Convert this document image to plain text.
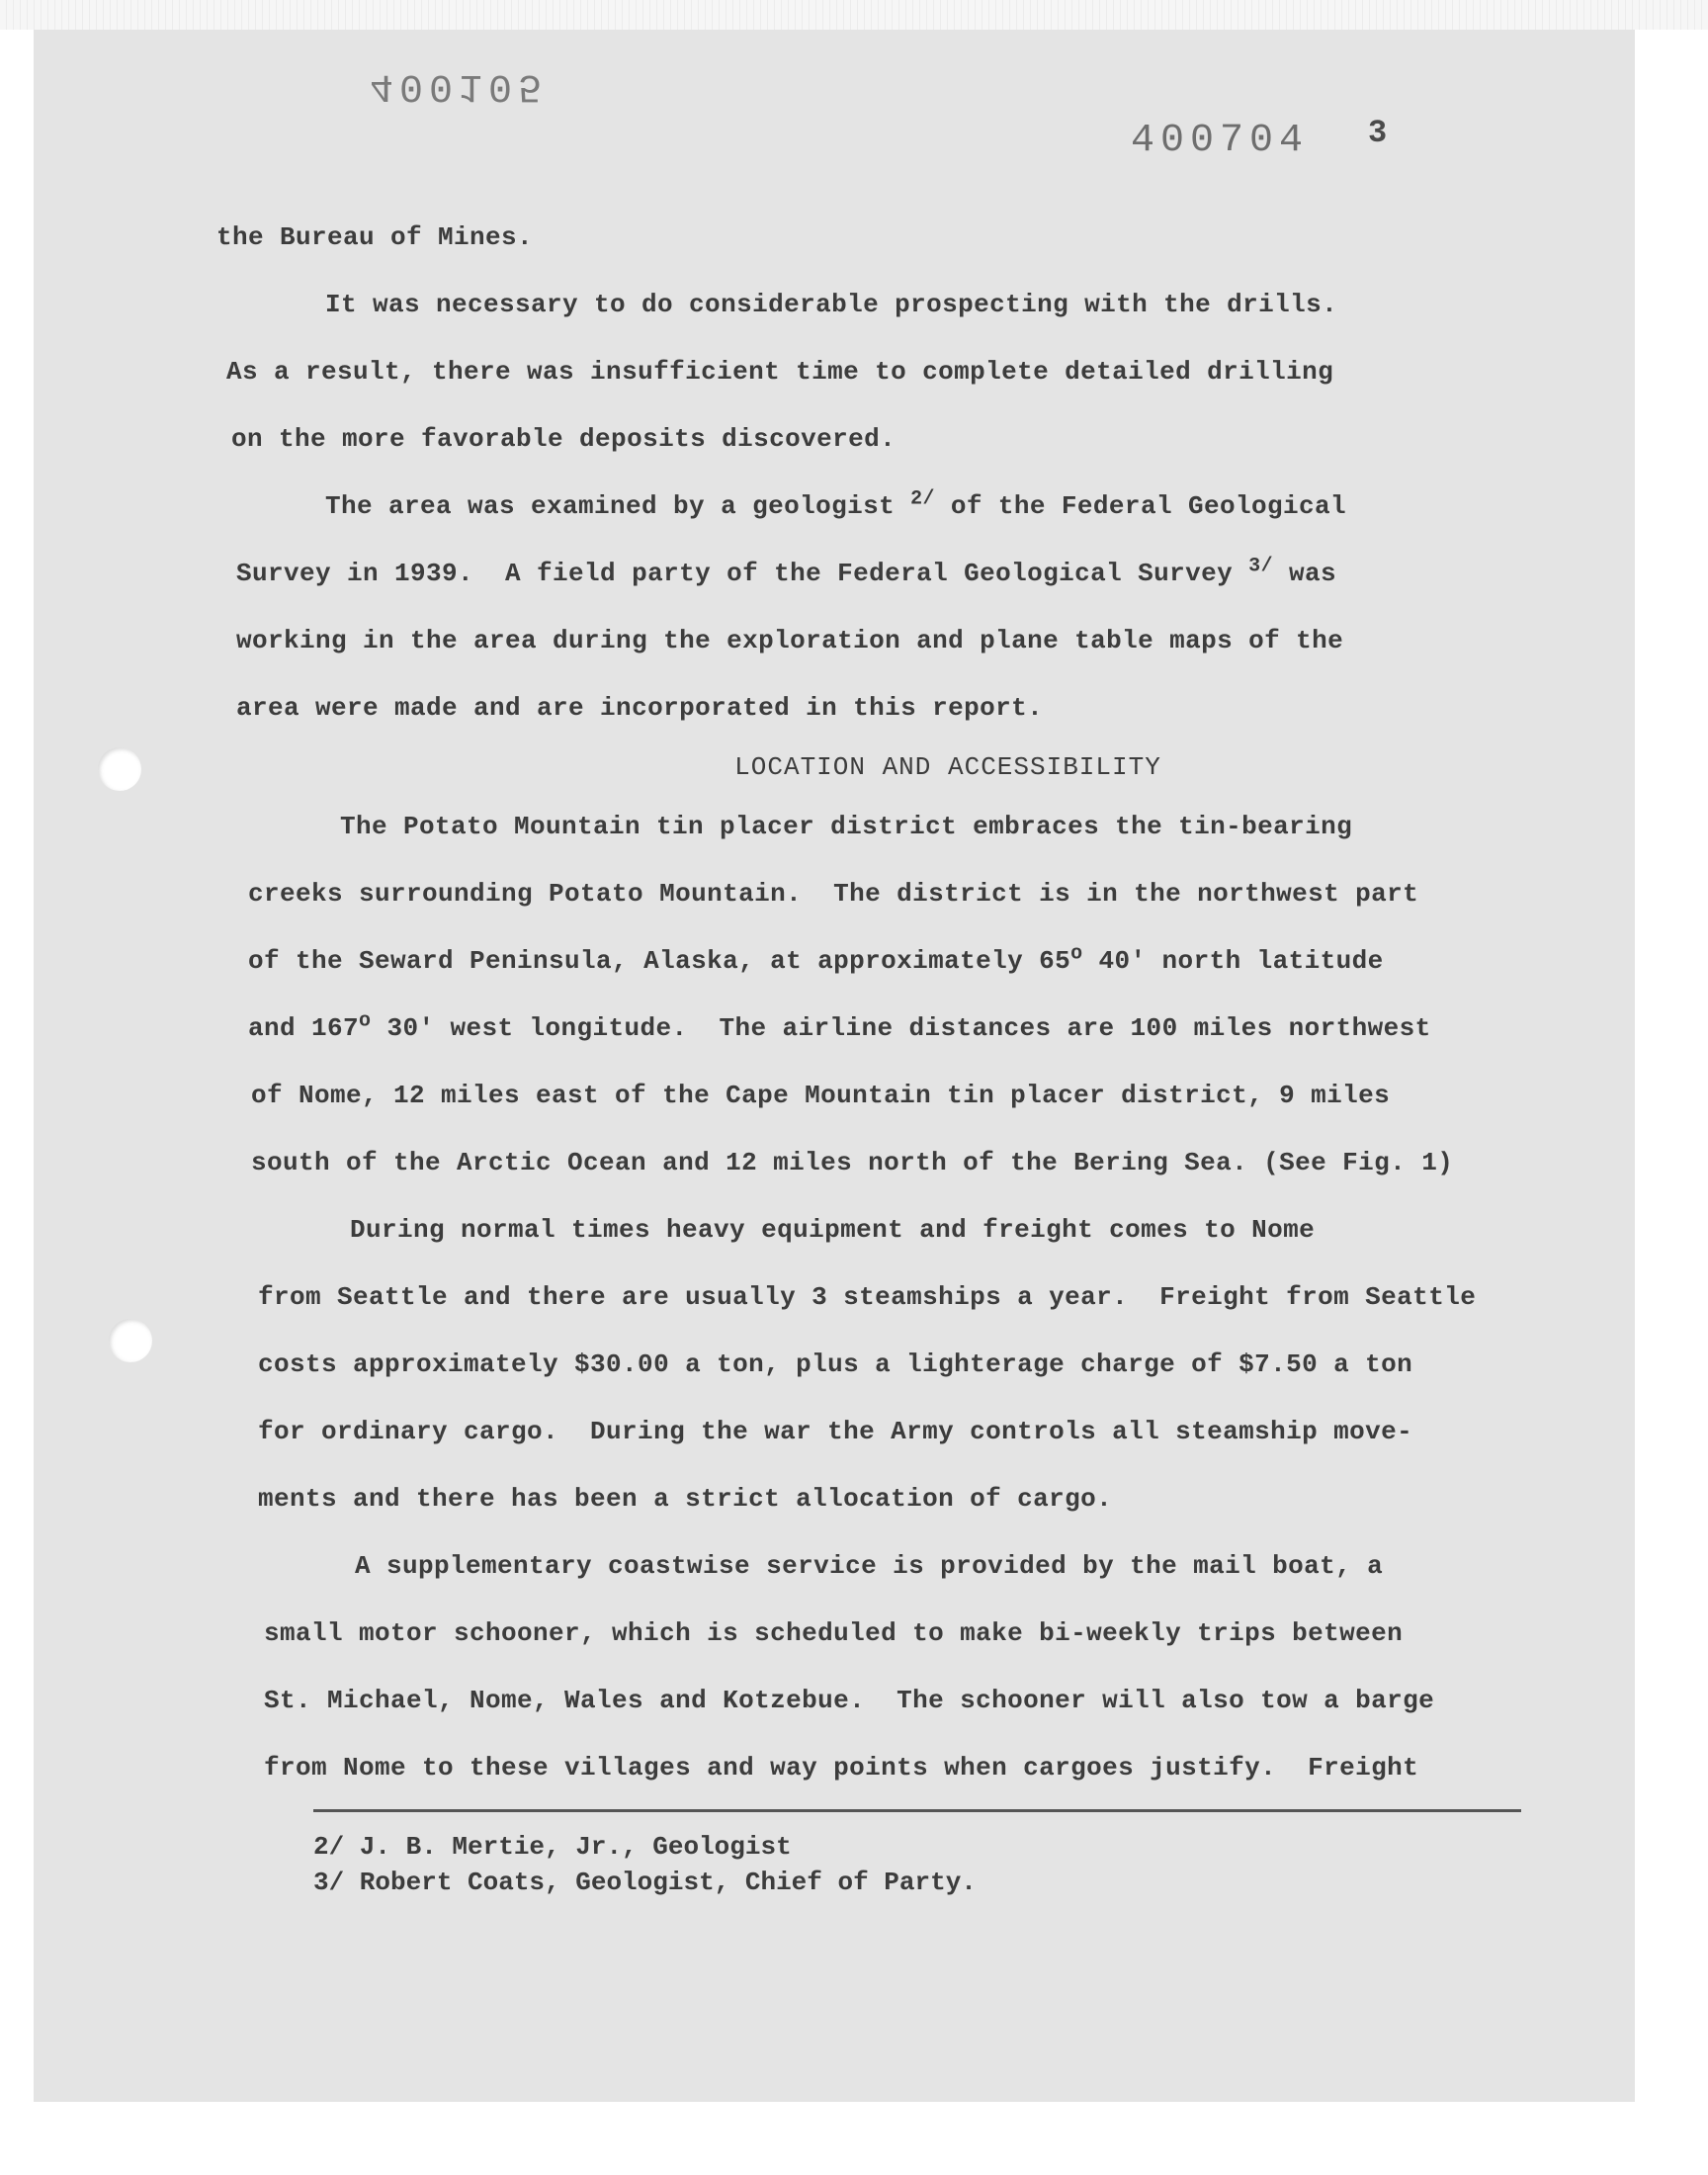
400105
400704 3
the Bureau of Mines.
It was necessary to do considerable prospecting with the drills.
As a result, there was insufficient time to complete detailed drilling
on the more favorable deposits discovered.
The area was examined by a geologist $^{2/}$ of the Federal Geological
Survey in 1939.  A field party of the Federal Geological Survey $^{3/}$ was
working in the area during the exploration and plane table maps of the
area were made and are incorporated in this report.
LOCATION AND ACCESSIBILITY
The Potato Mountain tin placer district embraces the tin-bearing
creeks surrounding Potato Mountain.  The district is in the northwest part
of the Seward Peninsula, Alaska, at approximately 65$^o$ 40' north latitude
and 167$^o$ 30' west longitude.  The airline distances are 100 miles northwest
of Nome, 12 miles east of the Cape Mountain tin placer district, 9 miles
south of the Arctic Ocean and 12 miles north of the Bering Sea. (See Fig. 1)
During normal times heavy equipment and freight comes to Nome
from Seattle and there are usually 3 steamships a year.  Freight from Seattle
costs approximately $30.00 a ton, plus a lighterage charge of $7.50 a ton
for ordinary cargo.  During the war the Army controls all steamship move-
ments and there has been a strict allocation of cargo.
A supplementary coastwise service is provided by the mail boat, a
small motor schooner, which is scheduled to make bi-weekly trips between
St. Michael, Nome, Wales and Kotzebue.  The schooner will also tow a barge
from Nome to these villages and way points when cargoes justify.  Freight
2/ J. B. Mertie, Jr., Geologist
3/ Robert Coats, Geologist, Chief of Party.
